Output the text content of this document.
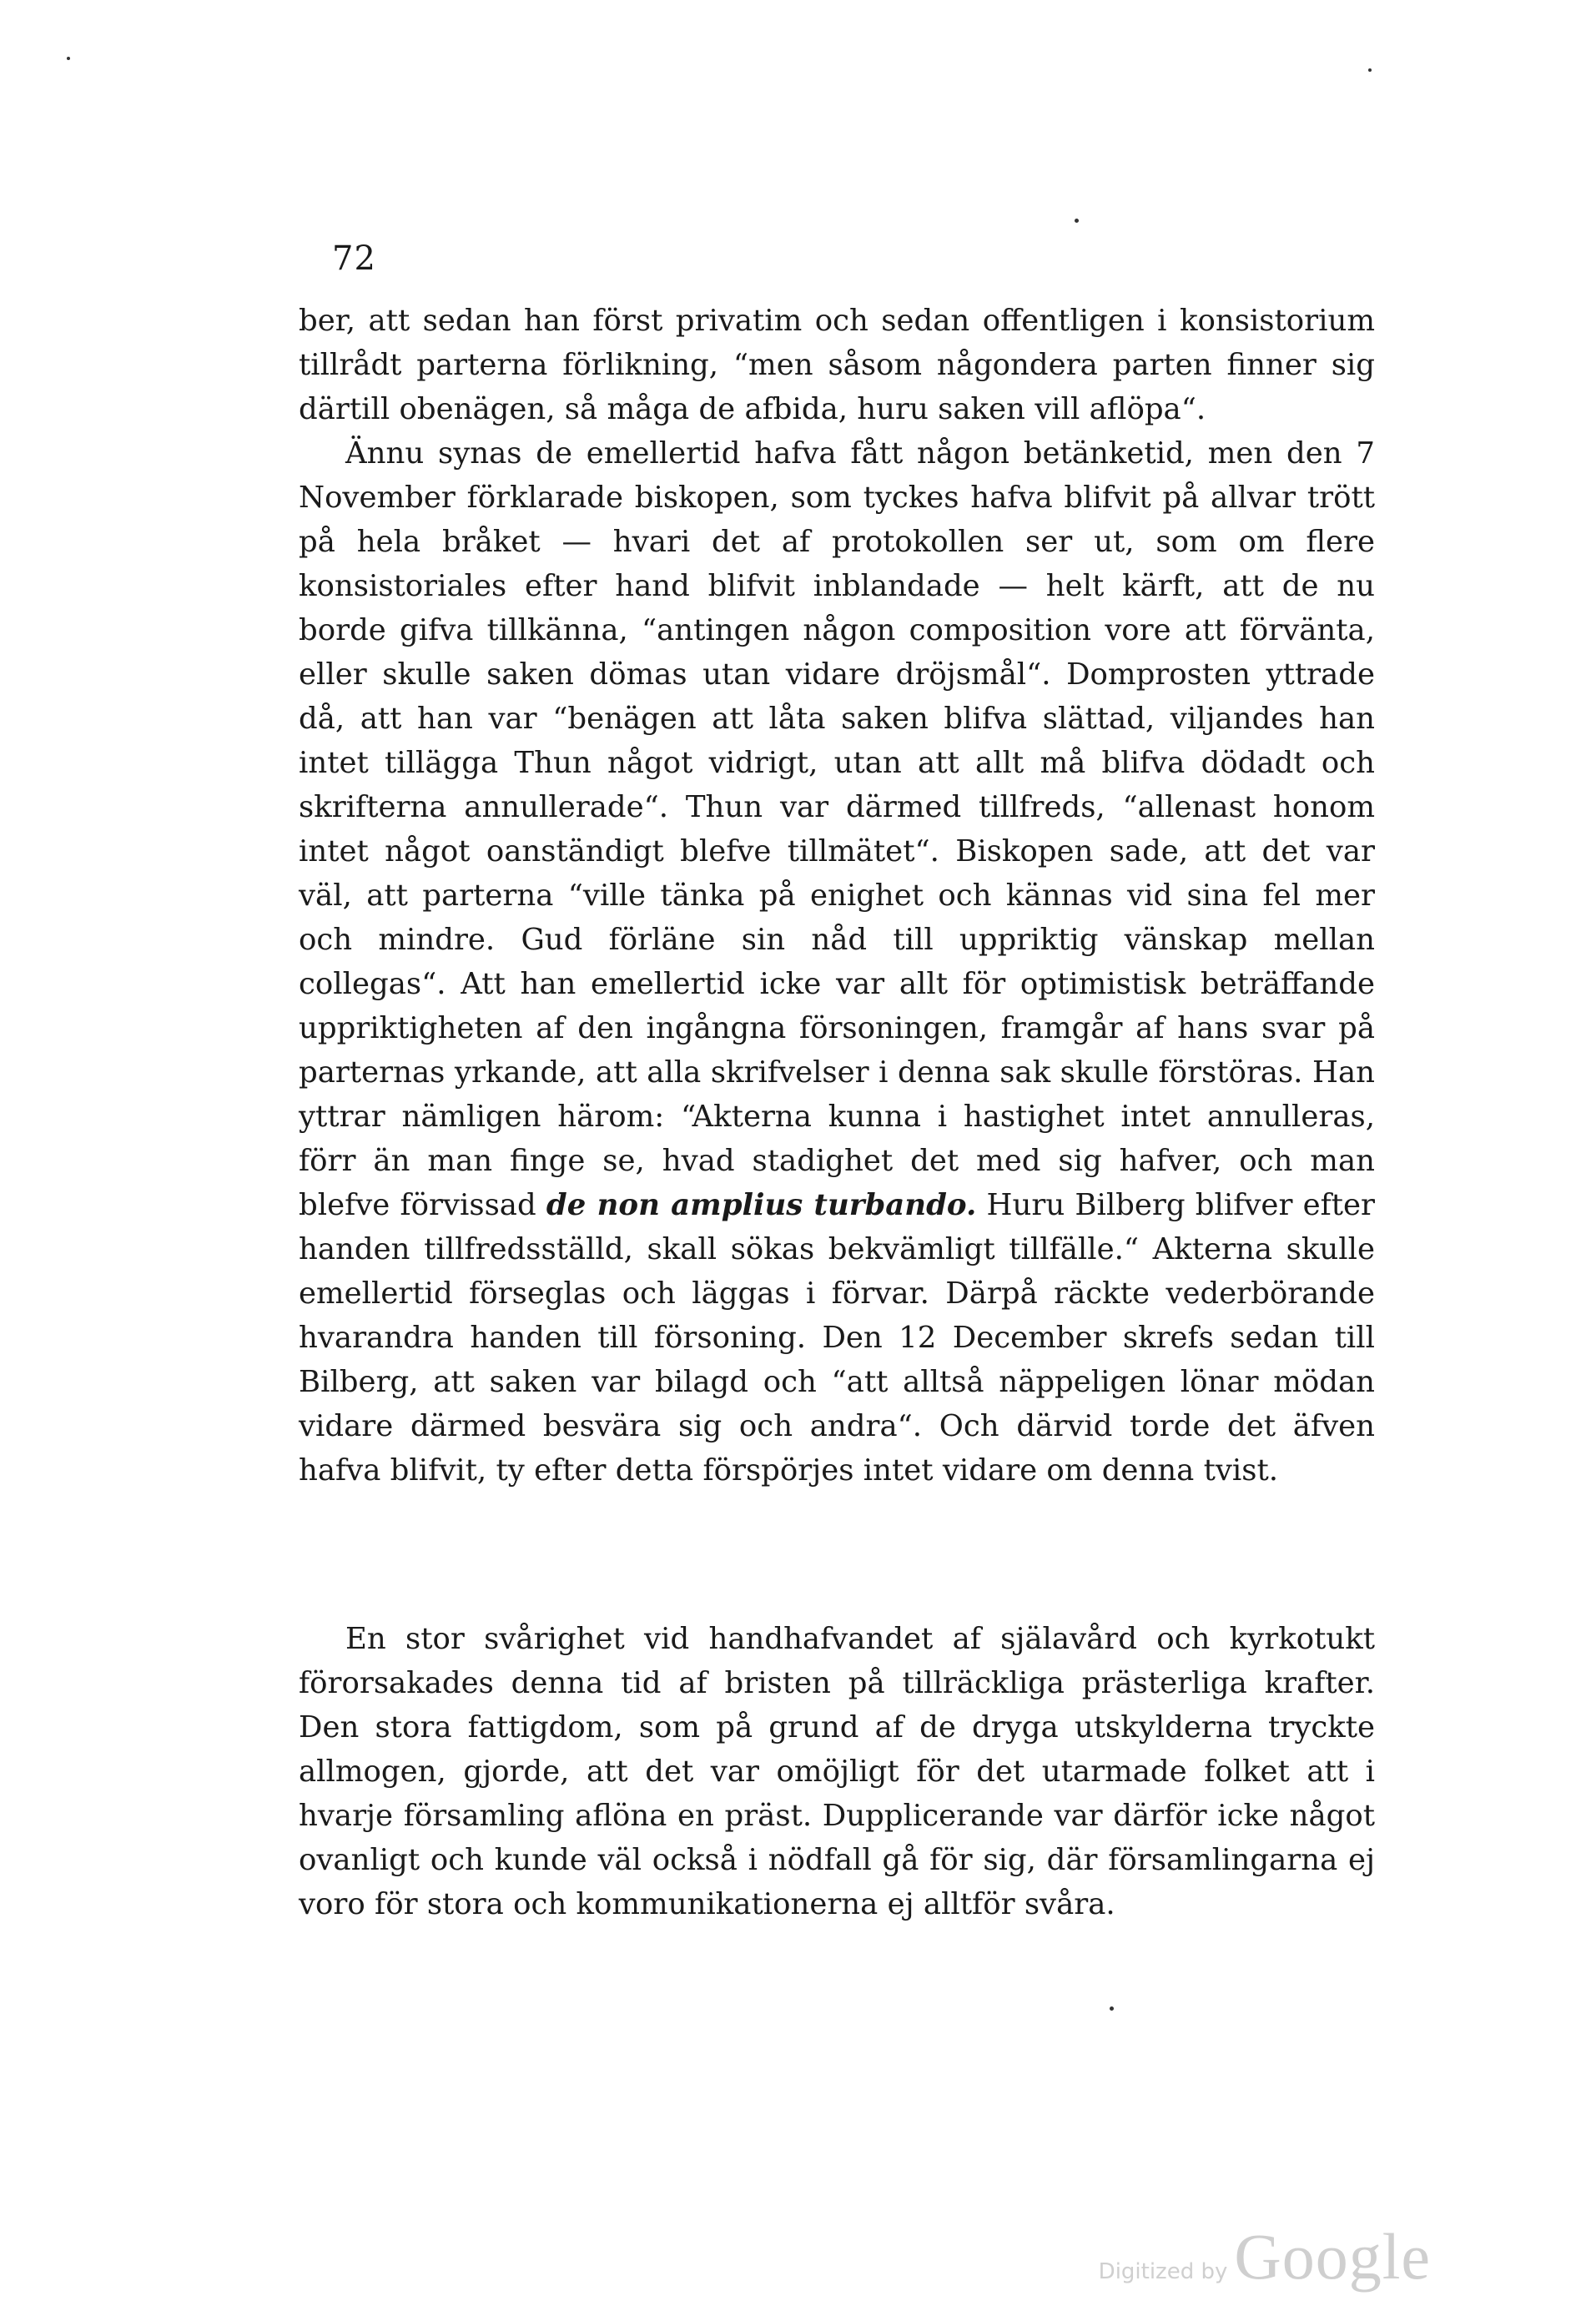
72

ber, att sedan han först privatim och sedan offentligen i konsistorium tillrådt parterna förlikning, “men såsom någondera parten finner sig därtill obenägen, så måga de afbida, huru saken vill aflöpa“.

Ännu synas de emellertid hafva fått någon betänketid, men den 7 November förklarade biskopen, som tyckes hafva blifvit på allvar trött på hela bråket — hvari det af protokollen ser ut, som om flere konsistoriales efter hand blifvit inblandade — helt kärft, att de nu borde gifva tillkänna, “antingen någon composition vore att förvänta, eller skulle saken dömas utan vidare dröjsmål“. Domprosten yttrade då, att han var “benägen att låta saken blifva slättad, viljandes han intet tillägga Thun något vidrigt, utan att allt må blifva dödadt och skrifterna annullerade“. Thun var därmed tillfreds, “allenast honom intet något oanständigt blefve tillmätet“. Biskopen sade, att det var väl, att parterna “ville tänka på enighet och kännas vid sina fel mer och mindre. Gud förläne sin nåd till uppriktig vänskap mellan collegas“. Att han emellertid icke var allt för optimistisk beträffande uppriktigheten af den ingångna försoningen, framgår af hans svar på parternas yrkande, att alla skrifvelser i denna sak skulle förstöras. Han yttrar nämligen härom: “Akterna kunna i hastighet intet annulleras, förr än man finge se, hvad stadighet det med sig hafver, och man blefve förvissad de non amplius turbando. Huru Bilberg blifver efter handen tillfredsställd, skall sökas bekvämligt tillfälle.“ Akterna skulle emellertid förseglas och läggas i förvar. Därpå räckte vederbörande hvarandra handen till försoning. Den 12 December skrefs sedan till Bilberg, att saken var bilagd och “att alltså näppeligen lönar mödan vidare därmed besvära sig och andra“. Och därvid torde det äfven hafva blifvit, ty efter detta förspörjes intet vidare om denna tvist.

En stor svårighet vid handhafvandet af själavård och kyrkotukt förorsakades denna tid af bristen på tillräckliga prästerliga krafter. Den stora fattigdom, som på grund af de dryga utskylderna tryckte allmogen, gjorde, att det var omöjligt för det utarmade folket att i hvarje församling aflöna en präst. Dupplicerande var därför icke något ovanligt och kunde väl också i nödfall gå för sig, där församlingarna ej voro för stora och kommunikationerna ej alltför svåra.

Digitized by Google
